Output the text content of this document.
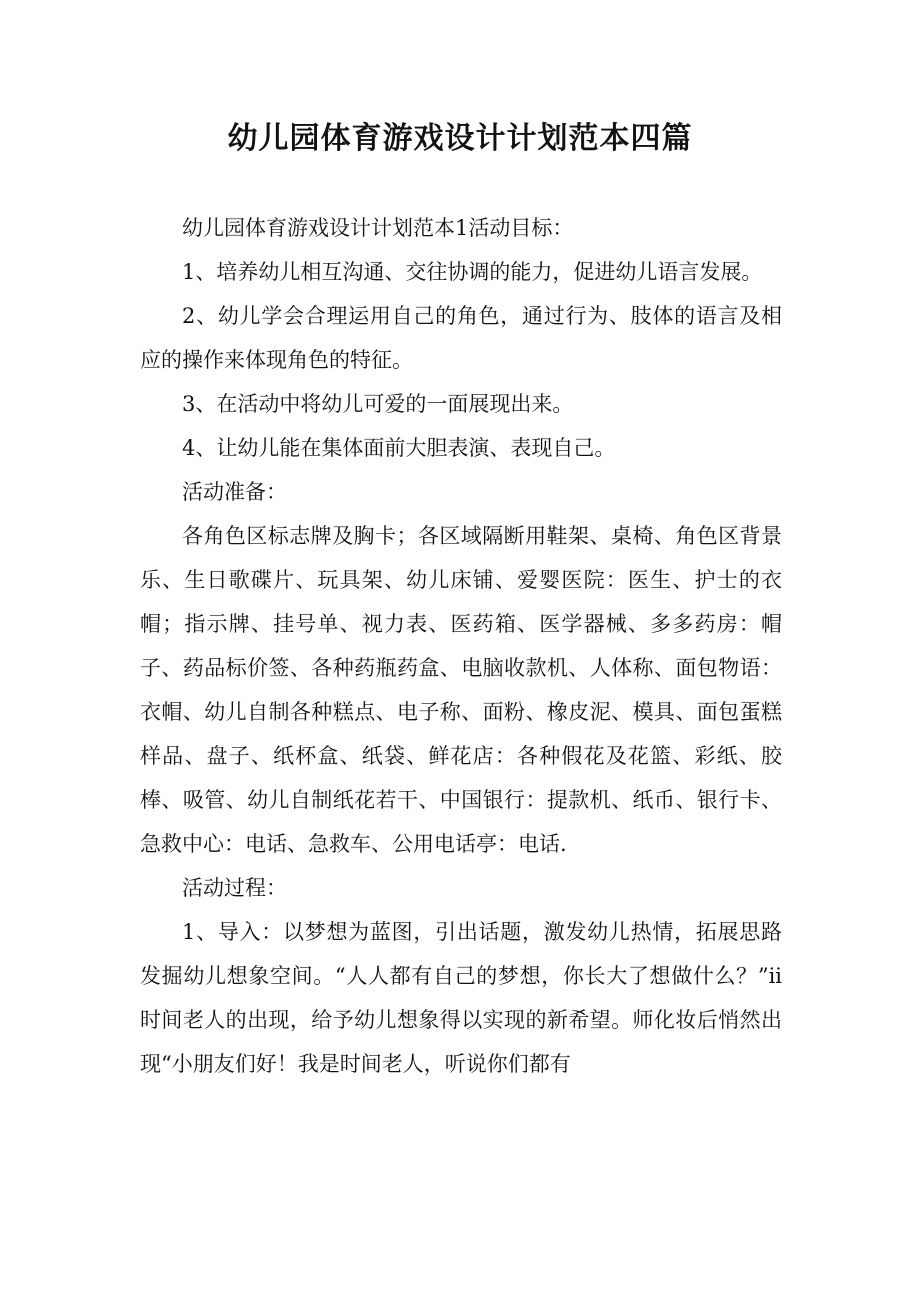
幼儿园体育游戏设计计划范本四篇

幼儿园体育游戏设计计划范本1活动目标：

1、培养幼儿相互沟通、交往协调的能力，促进幼儿语言发展。

2、幼儿学会合理运用自己的角色，通过行为、肢体的语言及相应的操作来体现角色的特征。

3、在活动中将幼儿可爱的一面展现出来。

4、让幼儿能在集体面前大胆表演、表现自己。

活动准备：

各角色区标志牌及胸卡；各区域隔断用鞋架、桌椅、角色区背景乐、生日歌碟片、玩具架、幼儿床铺、爱婴医院：医生、护士的衣帽；指示牌、挂号单、视力表、医药箱、医学器械、多多药房：帽子、药品标价签、各种药瓶药盒、电脑收款机、人体称、面包物语：衣帽、幼儿自制各种糕点、电子称、面粉、橡皮泥、模具、面包蛋糕样品、盘子、纸杯盒、纸袋、鲜花店：各种假花及花篮、彩纸、胶棒、吸管、幼儿自制纸花若干、中国银行：提款机、纸币、银行卡、急救中心：电话、急救车、公用电话亭：电话.

活动过程：

1、导入：以梦想为蓝图，引出话题，激发幼儿热情，拓展思路发掘幼儿想象空间。“人人都有自己的梦想，你长大了想做什么？”ii时间老人的出现，给予幼儿想象得以实现的新希望。师化妆后悄然出现“小朋友们好！我是时间老人，听说你们都有
